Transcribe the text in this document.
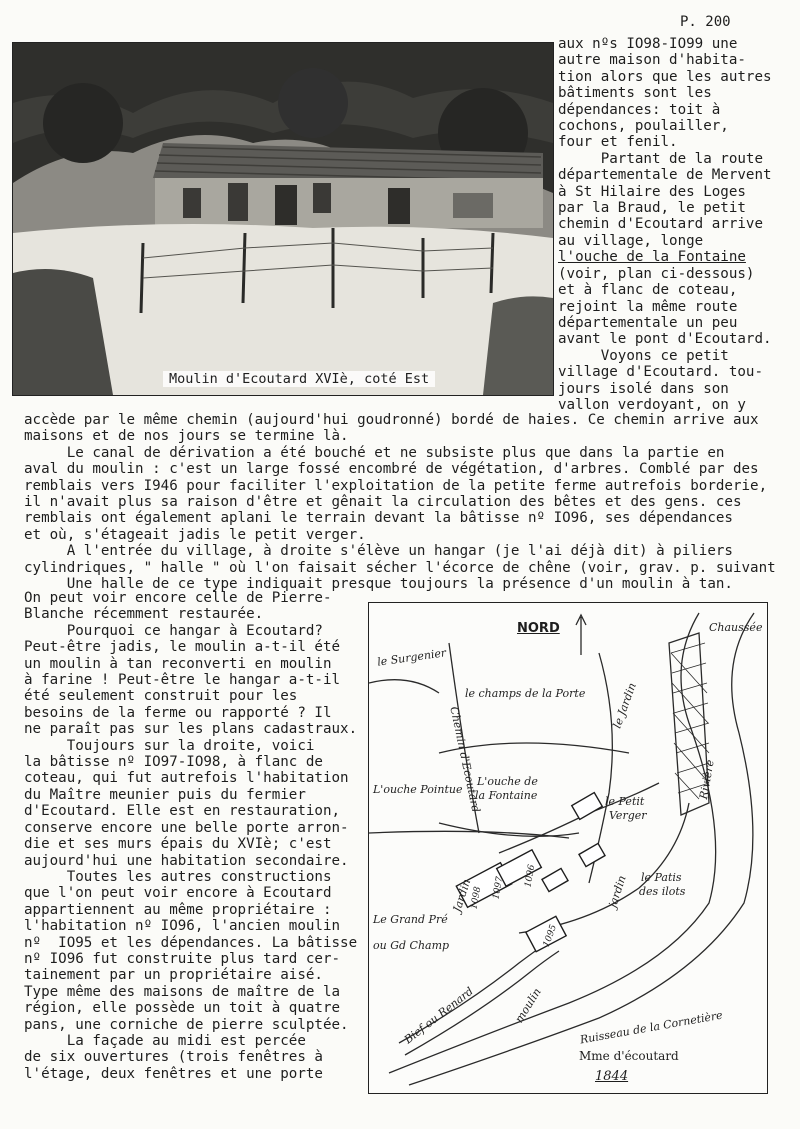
P. 200
Moulin d'Ecoutard XVIè, coté Est
aux nºs IO98-IO99 une
autre maison d'habita-
tion alors que les autres
bâtiments sont les
dépendances: toit à
cochons, poulailler,
four et fenil.
Partant de la route
départementale de Mervent
à St Hilaire des Loges
par la Braud, le petit
chemin d'Ecoutard arrive
au village, longe
l'ouche de la Fontaine
(voir, plan ci-dessous)
et à flanc de coteau,
rejoint la même route
départementale un peu
avant le pont d'Ecoutard.
Voyons ce petit
village d'Ecoutard. tou-
jours isolé dans son
vallon verdoyant, on y
accède par le même chemin (aujourd'hui goudronné) bordé de haies. Ce chemin arrive aux
maisons et de nos jours se termine là.
Le canal de dérivation a été bouché et ne subsiste plus que dans la partie en
aval du moulin : c'est un large fossé encombré de végétation, d'arbres. Comblé par des
remblais vers I946 pour faciliter l'exploitation de la petite ferme autrefois borderie,
il n'avait plus sa raison d'être et gênait la circulation des bêtes et des gens. ces
remblais ont également aplani le terrain devant la bâtisse nº IO96, ses dépendances
et où, s'étageait jadis le petit verger.
A l'entrée du village, à droite s'élève un hangar (je l'ai déjà dit) à piliers
cylindriques, " halle " où l'on faisait sécher l'écorce de chêne (voir, grav. p. suivant
Une halle de ce type indiquait presque toujours la présence d'un moulin à tan.
On peut voir encore celle de Pierre-
Blanche récemment restaurée.
Pourquoi ce hangar à Ecoutard?
Peut-être jadis, le moulin a-t-il été
un moulin à tan reconverti en moulin
à farine ! Peut-être le hangar a-t-il
été seulement construit pour les
besoins de la ferme ou rapporté ? Il
ne paraît pas sur les plans cadastraux.
Toujours sur la droite, voici
la bâtisse nº IO97-IO98, à flanc de
coteau, qui fut autrefois l'habitation
du Maître meunier puis du fermier
d'Ecoutard. Elle est en restauration,
conserve encore une belle porte arron-
die et ses murs épais du XVIè; c'est
aujourd'hui une habitation secondaire.
Toutes les autres constructions
que l'on peut voir encore à Ecoutard
appartiennent au même propriétaire :
l'habitation nº IO96, l'ancien moulin
nº  IO95 et les dépendances. La bâtisse
nº IO96 fut construite plus tard cer-
tainement par un propriétaire aisé.
Type même des maisons de maître de la
région, elle possède un toit à quatre
pans, une corniche de pierre sculptée.
La façade au midi est percée
de six ouvertures (trois fenêtres à
l'étage, deux fenêtres et une porte
NORD
le Surgenier
le champs de la Porte
Chemin d'Ecoutard
L'ouche Pointue
L'ouche de
la Fontaine
le Jardin
Chaussée
Rivière
le Petit
Verger
le Patis
des ilots
jardin
Jardin
Le Grand Pré
ou Gd Champ
moulin
Bief ou Renard	Ruisseau de la Cornetière
1098 1097 1096
1095
Mme d'écoutard
1844
